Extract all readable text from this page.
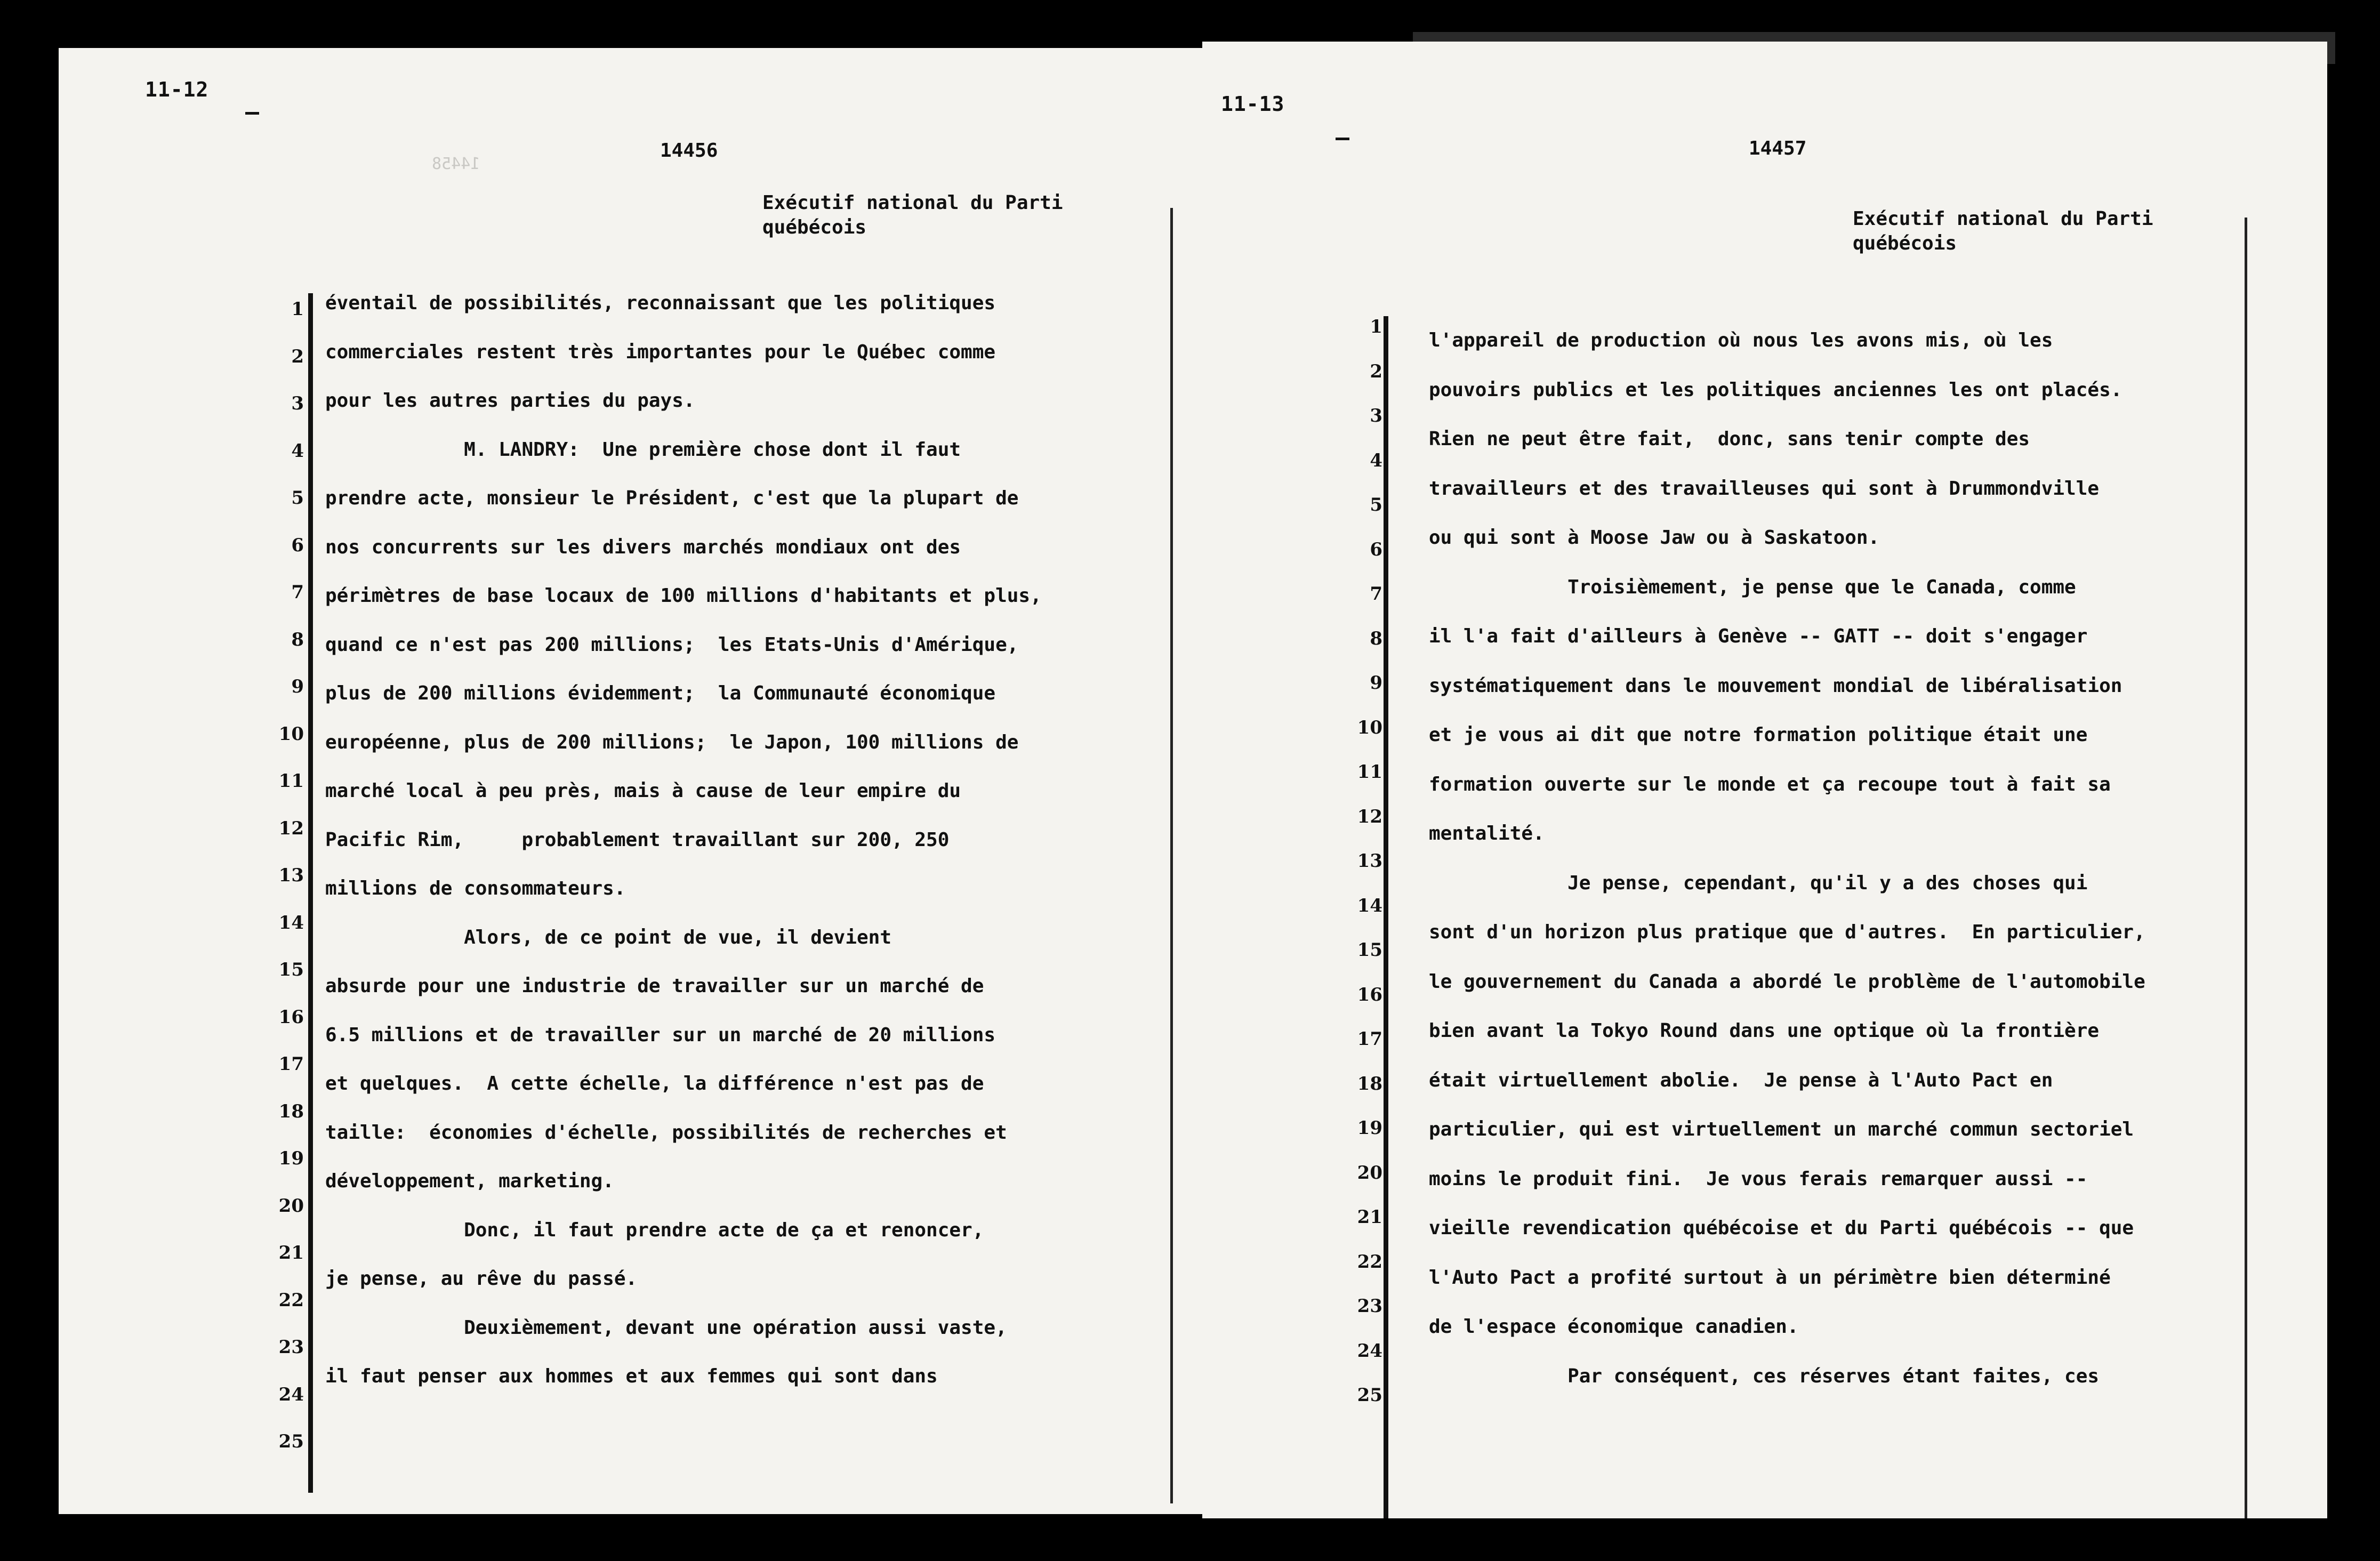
14458
11-12
14456
Exécutif national du Parti
québécois
1
2
3
4
5
6
7
8
9
10
11
12
13
14
15
16
17
18
19
20
21
22
23
24
25
éventail de possibilités, reconnaissant que les politiques
commerciales restent très importantes pour le Québec comme
pour les autres parties du pays.
M. LANDRY:  Une première chose dont il faut
prendre acte, monsieur le Président, c'est que la plupart de
nos concurrents sur les divers marchés mondiaux ont des
périmètres de base locaux de 100 millions d'habitants et plus,
quand ce n'est pas 200 millions;  les Etats-Unis d'Amérique,
plus de 200 millions évidemment;  la Communauté économique
européenne, plus de 200 millions;  le Japon, 100 millions de
marché local à peu près, mais à cause de leur empire du
Pacific Rim,     probablement travaillant sur 200, 250
millions de consommateurs.
Alors, de ce point de vue, il devient
absurde pour une industrie de travailler sur un marché de
6.5 millions et de travailler sur un marché de 20 millions
et quelques.  A cette échelle, la différence n'est pas de
taille:  économies d'échelle, possibilités de recherches et
développement, marketing.
Donc, il faut prendre acte de ça et renoncer,
je pense, au rêve du passé.
Deuxièmement, devant une opération aussi vaste,
il faut penser aux hommes et aux femmes qui sont dans
11-13
14457
Exécutif national du Parti
québécois
1
2
3
4
5
6
7
8
9
10
11
12
13
14
15
16
17
18
19
20
21
22
23
24
25
l'appareil de production où nous les avons mis, où les
pouvoirs publics et les politiques anciennes les ont placés.
Rien ne peut être fait,  donc, sans tenir compte des
travailleurs et des travailleuses qui sont à Drummondville
ou qui sont à Moose Jaw ou à Saskatoon.
Troisièmement, je pense que le Canada, comme
il l'a fait d'ailleurs à Genève -- GATT -- doit s'engager
systématiquement dans le mouvement mondial de libéralisation
et je vous ai dit que notre formation politique était une
formation ouverte sur le monde et ça recoupe tout à fait sa
mentalité.
Je pense, cependant, qu'il y a des choses qui
sont d'un horizon plus pratique que d'autres.  En particulier,
le gouvernement du Canada a abordé le problème de l'automobile
bien avant la Tokyo Round dans une optique où la frontière
était virtuellement abolie.  Je pense à l'Auto Pact en
particulier, qui est virtuellement un marché commun sectoriel
moins le produit fini.  Je vous ferais remarquer aussi --
vieille revendication québécoise et du Parti québécois -- que
l'Auto Pact a profité surtout à un périmètre bien déterminé
de l'espace économique canadien.
Par conséquent, ces réserves étant faites, ces
